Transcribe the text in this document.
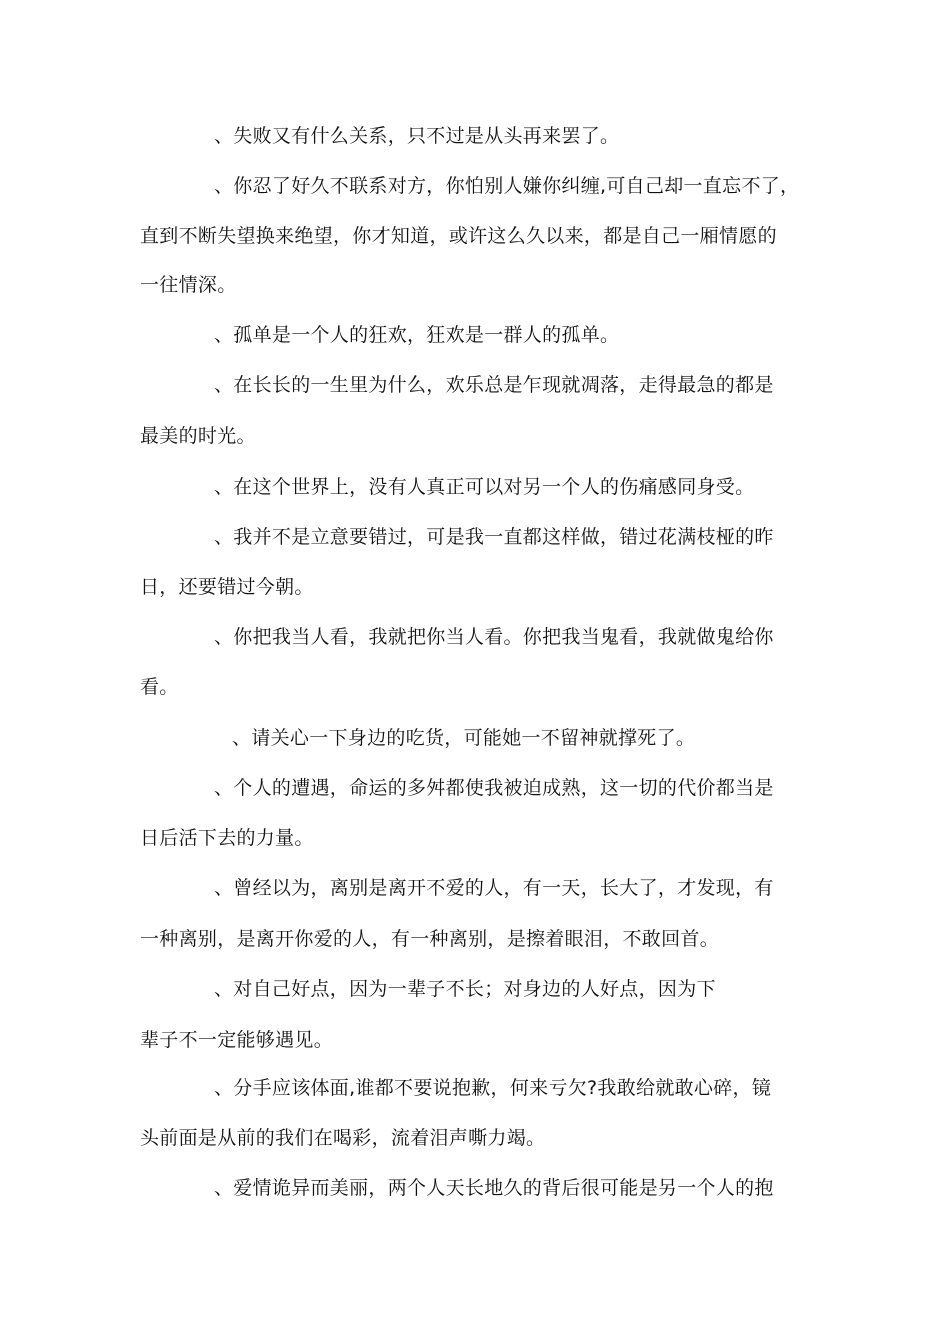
、失败又有什么关系，只不过是从头再来罢了。
、你忍了好久不联系对方，你怕别人嫌你纠缠,可自己却一直忘不了，
直到不断失望换来绝望，你才知道，或许这么久以来，都是自己一厢情愿的
一往情深。
、孤单是一个人的狂欢，狂欢是一群人的孤单。
、在长长的一生里为什么，欢乐总是乍现就凋落，走得最急的都是
最美的时光。
、在这个世界上，没有人真正可以对另一个人的伤痛感同身受。
、我并不是立意要错过，可是我一直都这样做，错过花满枝桠的昨
日，还要错过今朝。
、你把我当人看，我就把你当人看。你把我当鬼看，我就做鬼给你
看。
、请关心一下身边的吃货，可能她一不留神就撑死了。
、个人的遭遇，命运的多舛都使我被迫成熟，这一切的代价都当是
日后活下去的力量。
、曾经以为，离别是离开不爱的人，有一天，长大了，才发现，有
一种离别，是离开你爱的人，有一种离别，是擦着眼泪，不敢回首。
、对自己好点，因为一辈子不长；对身边的人好点，因为下
辈子不一定能够遇见。
、分手应该体面,谁都不要说抱歉，何来亏欠?我敢给就敢心碎，镜
头前面是从前的我们在喝彩，流着泪声嘶力竭。
、爱情诡异而美丽，两个人天长地久的背后很可能是另一个人的抱
